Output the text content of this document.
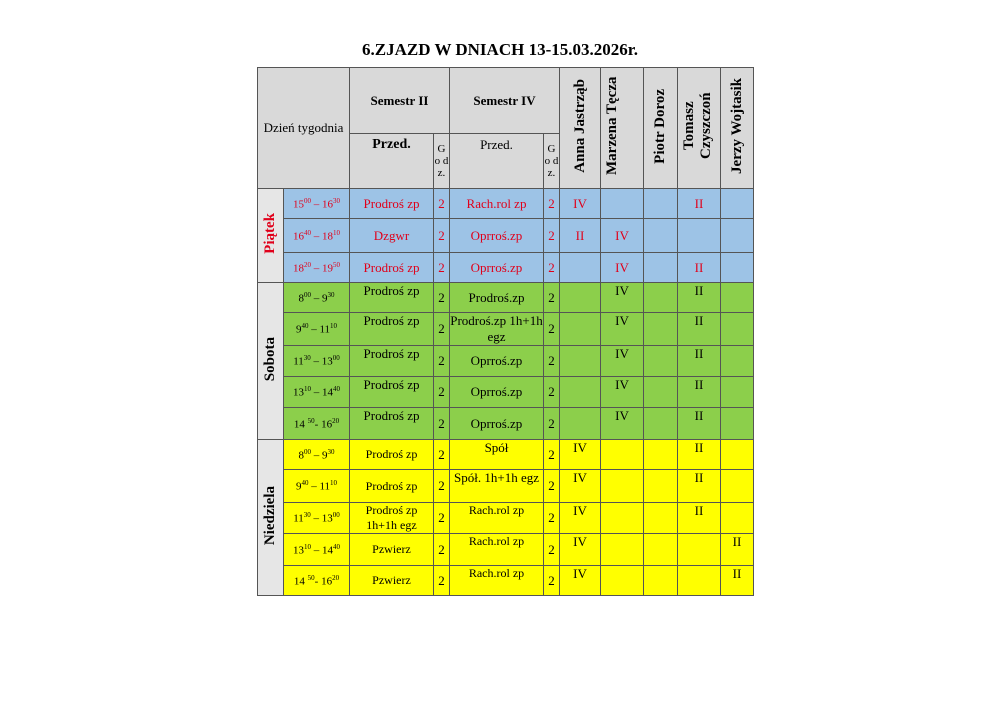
6.ZJAZD W DNIACH 13-15.03.2026r.
Dzień tygodnia		Semestr II		Semestr IV		Anna Jastrząb	Marzena Tęcza	Piotr Doroz	Tomasz Czyszczoń	Jerzy Wojtasik
		Przed.	G o d z.	Przed.	G o d z.					
Piątek	$15^{00} - 16^{30}$	Prodroś zp	2	Rach.rol zp	2	IV			II	
	$16^{40} - 18^{10}$	Dzgwr	2	Oprroś.zp	2	II	IV			
	$18^{20} - 19^{50}$	Prodroś zp	2	Oprroś.zp	2		IV		II	
Sobota	$8^{00} - 9^{30}$	Prodroś zp	2	Prodroś.zp	2		IV		II	
	$9^{40} - 11^{10}$	Prodroś zp	2	Prodroś.zp 1h+1h egz	2		IV		II	
	$11^{30} - 13^{00}$	Prodroś zp	2	Oprroś.zp	2		IV		II	
	$13^{10} - 14^{40}$	Prodroś zp	2	Oprroś.zp	2		IV		II	
	14 $^{50}$- $16^{20}$	Prodroś zp	2	Oprroś.zp	2		IV		II	
Niedziela	$8^{00} - 9^{30}$	Prodroś zp	2	Spół	2	IV			II	
	$9^{40} - 11^{10}$	Prodroś zp	2	Spół. 1h+1h egz	2	IV			II	
	$11^{30} - 13^{00}$	Prodroś zp 1h+1h egz	2	Rach.rol zp	2	IV			II	
	$13^{10} - 14^{40}$	Pzwierz	2	Rach.rol zp	2	IV				II
	14 $^{50}$- $16^{20}$	Pzwierz	2	Rach.rol zp	2	IV				II
